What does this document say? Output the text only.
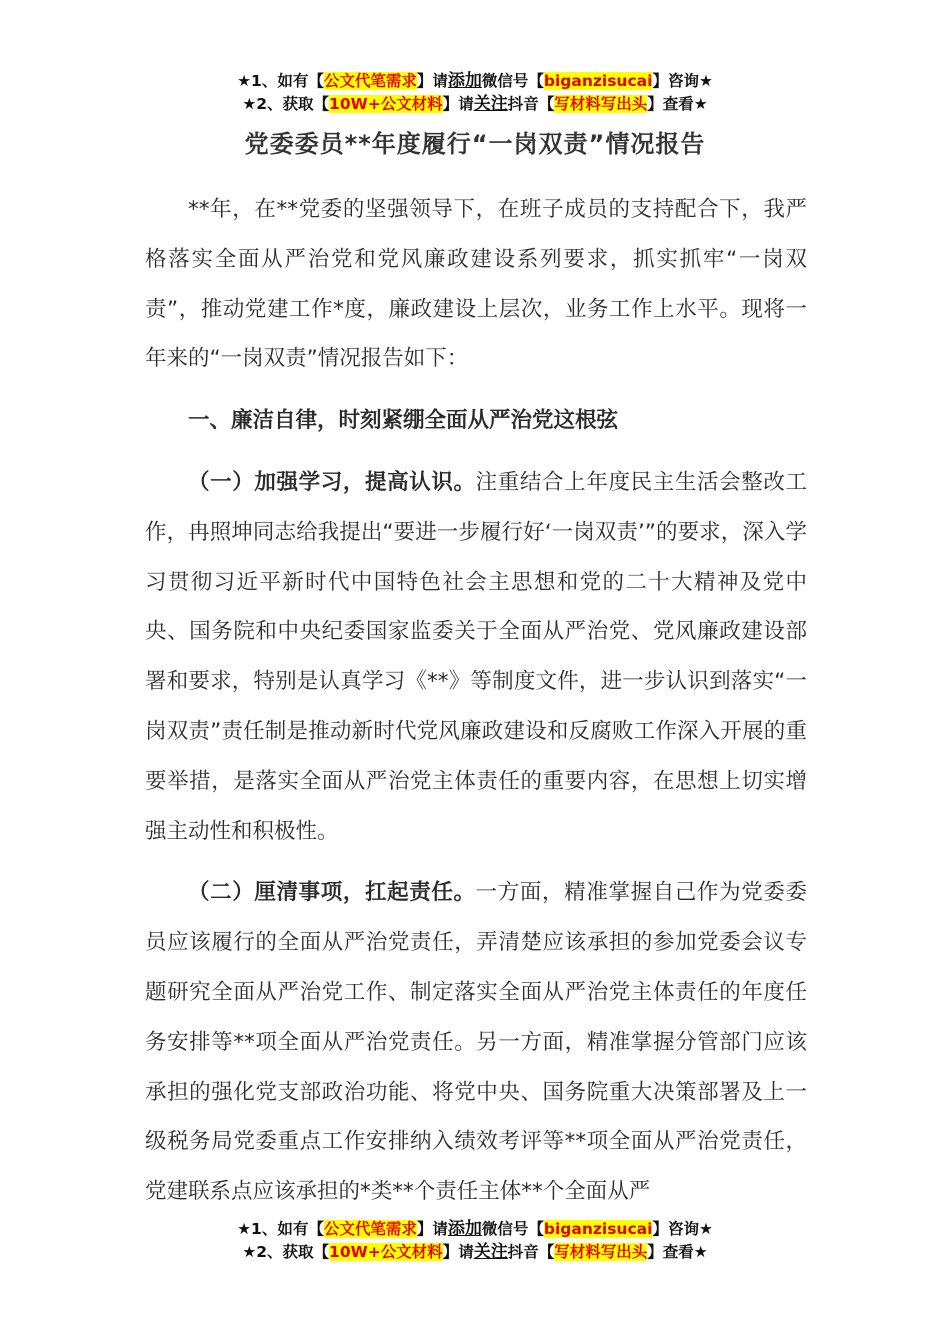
★1、如有【公文代笔需求】请添加微信号【biganzisucai】咨询★
★2、获取【10W+公文材料】请关注抖音【写材料写出头】查看★
党委委员**年度履行“一岗双责”情况报告

**年，在**党委的坚强领导下，在班子成员的支持配合下，我严格落实全面从严治党和党风廉政建设系列要求，抓实抓牢“一岗双责”，推动党建工作*度，廉政建设上层次，业务工作上水平。现将一年来的“一岗双责”情况报告如下：

一、廉洁自律，时刻紧绷全面从严治党这根弦

（一）加强学习，提高认识。注重结合上年度民主生活会整改工作，冉照坤同志给我提出“要进一步履行好‘一岗双责’”的要求，深入学习贯彻习近平新时代中国特色社会主思想和党的二十大精神及党中央、国务院和中央纪委国家监委关于全面从严治党、党风廉政建设部署和要求，特别是认真学习《**》等制度文件，进一步认识到落实“一岗双责”责任制是推动新时代党风廉政建设和反腐败工作深入开展的重要举措，是落实全面从严治党主体责任的重要内容，在思想上切实增强主动性和积极性。

（二）厘清事项，扛起责任。一方面，精准掌握自己作为党委委员应该履行的全面从严治党责任，弄清楚应该承担的参加党委会议专题研究全面从严治党工作、制定落实全面从严治党主体责任的年度任务安排等**项全面从严治党责任。另一方面，精准掌握分管部门应该承担的强化党支部政治功能、将党中央、国务院重大决策部署及上一级税务局党委重点工作安排纳入绩效考评等**项全面从严治党责任，党建联系点应该承担的*类**个责任主体**个全面从严

★1、如有【公文代笔需求】请添加微信号【biganzisucai】咨询★
★2、获取【10W+公文材料】请关注抖音【写材料写出头】查看★
